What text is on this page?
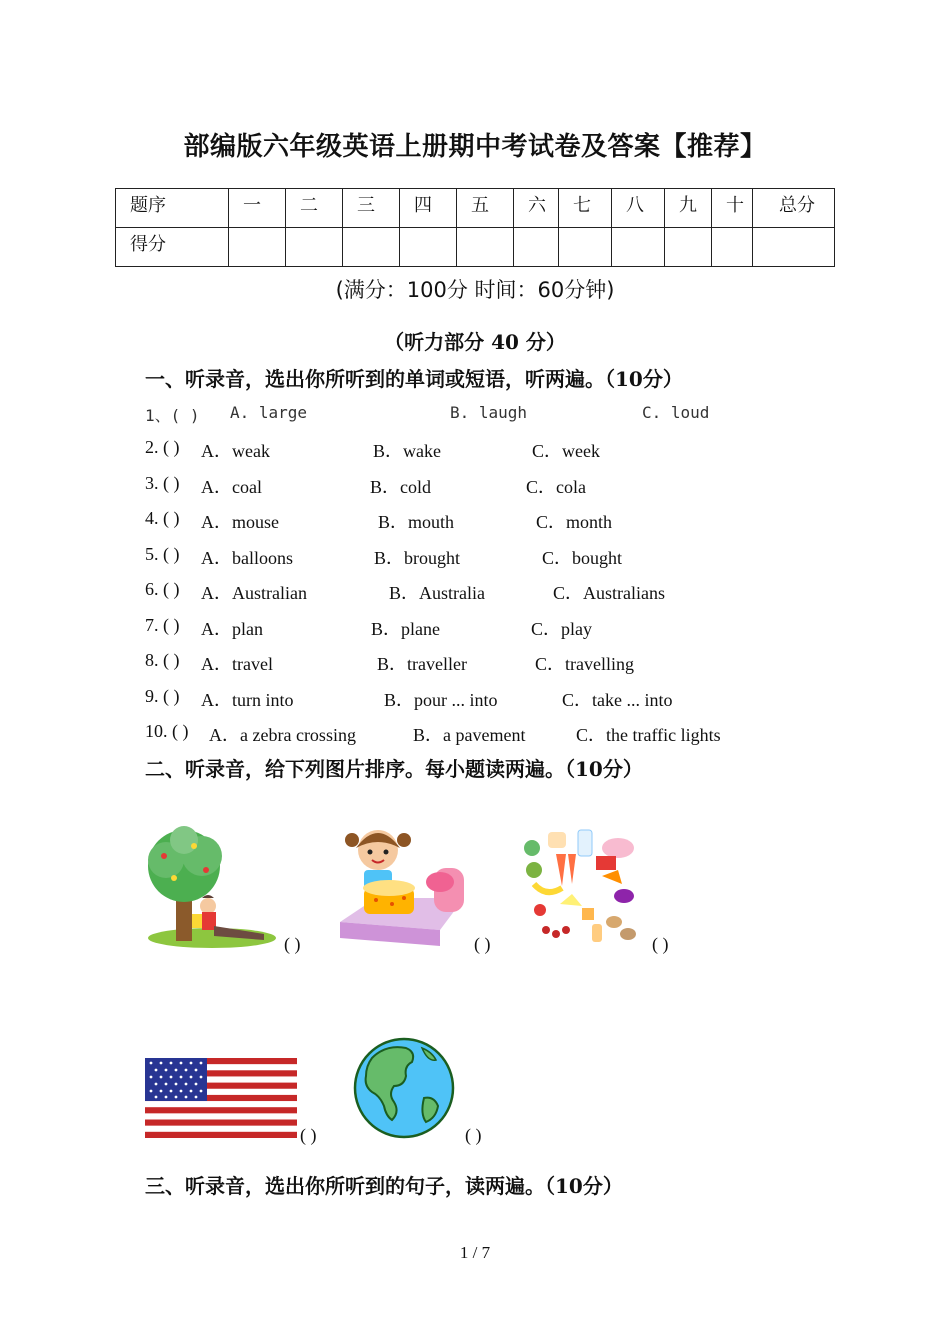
部编版六年级英语上册期中考试卷及答案【推荐】
题序	一	二	三	四	五	六	七	八	九	十	总分
得分											
(满分：100分 时间：60分钟)
（听力部分 40 分）
一、听录音，选出你所听到的单词或短语，听两遍。（10分）
1、( ) A. large	B. laugh	C. loud
2. ( ) A．weak	B．wake	C．week
3. ( ) A．coal	B．cold	C．cola
4. ( ) A．mouse	B．mouth	C．month
5. ( ) A．balloons	B．brought	C．bought
6. ( ) A．Australian	B．Australia	C．Australians
7. ( ) A．plan	B．plane	C．play
8. ( ) A．travel	B．traveller	C．travelling
9. ( ) A．turn into	B．pour ... into	C．take ... into
10. ( ) A．a zebra crossing	B．a pavement	C．the traffic lights
二、听录音，给下列图片排序。每小题读两遍。（10分）
( )	( )	( )
( )	( )
三、听录音，选出你所听到的句子，读两遍。（10分）
1 / 7
